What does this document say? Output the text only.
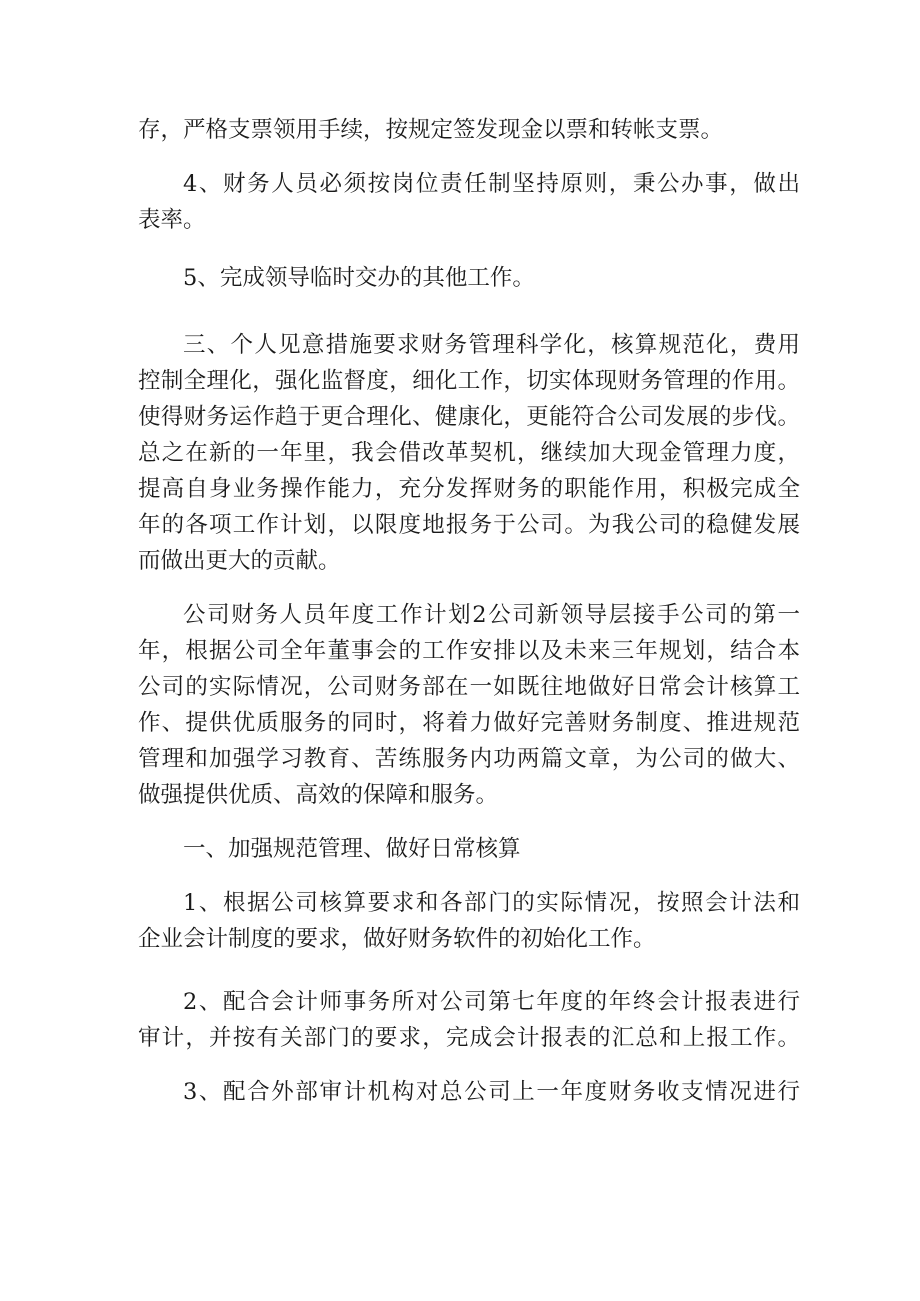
存，严格支票领用手续，按规定签发现金以票和转帐支票。
4、财务人员必须按岗位责任制坚持原则，秉公办事，做出
表率。
5、完成领导临时交办的其他工作。
三、个人见意措施要求财务管理科学化，核算规范化，费用
控制全理化，强化监督度，细化工作，切实体现财务管理的作用。
使得财务运作趋于更合理化、健康化，更能符合公司发展的步伐。
总之在新的一年里，我会借改革契机，继续加大现金管理力度，
提高自身业务操作能力，充分发挥财务的职能作用，积极完成全
年的各项工作计划，以限度地报务于公司。为我公司的稳健发展
而做出更大的贡献。
公司财务人员年度工作计划2公司新领导层接手公司的第一
年，根据公司全年董事会的工作安排以及未来三年规划，结合本
公司的实际情况，公司财务部在一如既往地做好日常会计核算工
作、提供优质服务的同时，将着力做好完善财务制度、推进规范
管理和加强学习教育、苦练服务内功两篇文章，为公司的做大、
做强提供优质、高效的保障和服务。
一、加强规范管理、做好日常核算
1、根据公司核算要求和各部门的实际情况，按照会计法和
企业会计制度的要求，做好财务软件的初始化工作。
2、配合会计师事务所对公司第七年度的年终会计报表进行
审计，并按有关部门的要求，完成会计报表的汇总和上报工作。
3、配合外部审计机构对总公司上一年度财务收支情况进行
